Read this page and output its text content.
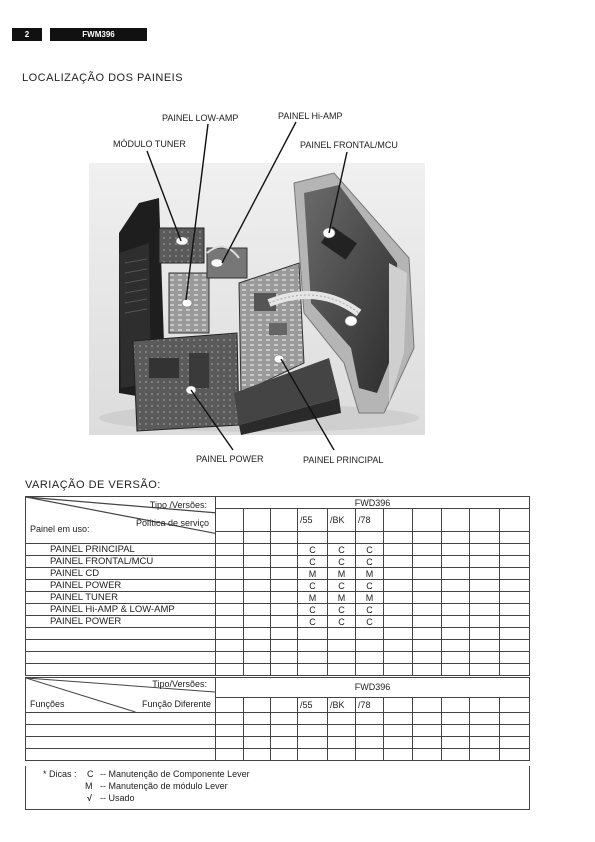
2	FWM396
LOCALIZAÇÃO DOS PAINEIS
PAINEL LOW-AMP	PAINEL Hi-AMP
MÓDULO TUNER	PAINEL FRONTAL/MCU
PAINEL POWER	PAINEL PRINCIPAL
VARIAÇÃO DE VERSÃO:
Tipo /Versões:
Política de serviço
Painel em uso:	FWD396										
				/55	/BK	/78					

PAINEL PRINCIPAL				C	C	C					
PAINEL FRONTAL/MCU				C	C	C					
PAINEL CD				M	M	M					
PAINEL POWER				C	C	C					
PAINEL TUNER				M	M	M					
PAINEL Hi-AMP & LOW-AMP				C	C	C					
PAINEL POWER				C	C	C					

Tipo/Versões:
Funções Função Diferente	FWD396										
				/55	/BK	/78					

* Dicas : C -- Manutenção de Componente Lever
M -- Manutenção de módulo Lever
√ -- Usado
